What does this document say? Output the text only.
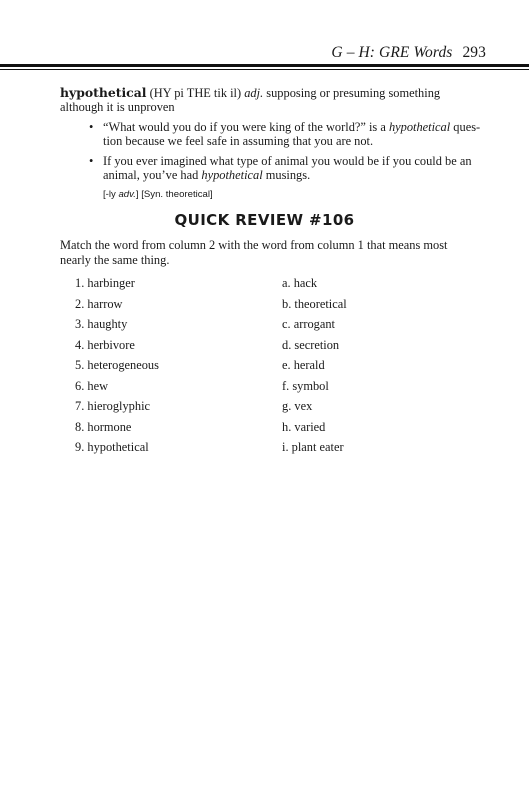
G – H: GRE Words 293
hypothetical (HY pi THE tik il) adj. supposing or presuming something
although it is unproven
• “What would you do if you were king of the world?” is a hypothetical ques-
tion because we feel safe in assuming that you are not.
• If you ever imagined what type of animal you would be if you could be an
animal, you’ve had hypothetical musings.
[-ly adv.] [Syn. theoretical]
QUICK REVIEW #106
Match the word from column 2 with the word from column 1 that means most
nearly the same thing.
1. harbinger
2. harrow
3. haughty
4. herbivore
5. heterogeneous
6. hew
7. hieroglyphic
8. hormone
9. hypothetical
a. hack
b. theoretical
c. arrogant
d. secretion
e. herald
f. symbol
g. vex
h. varied
i. plant eater
